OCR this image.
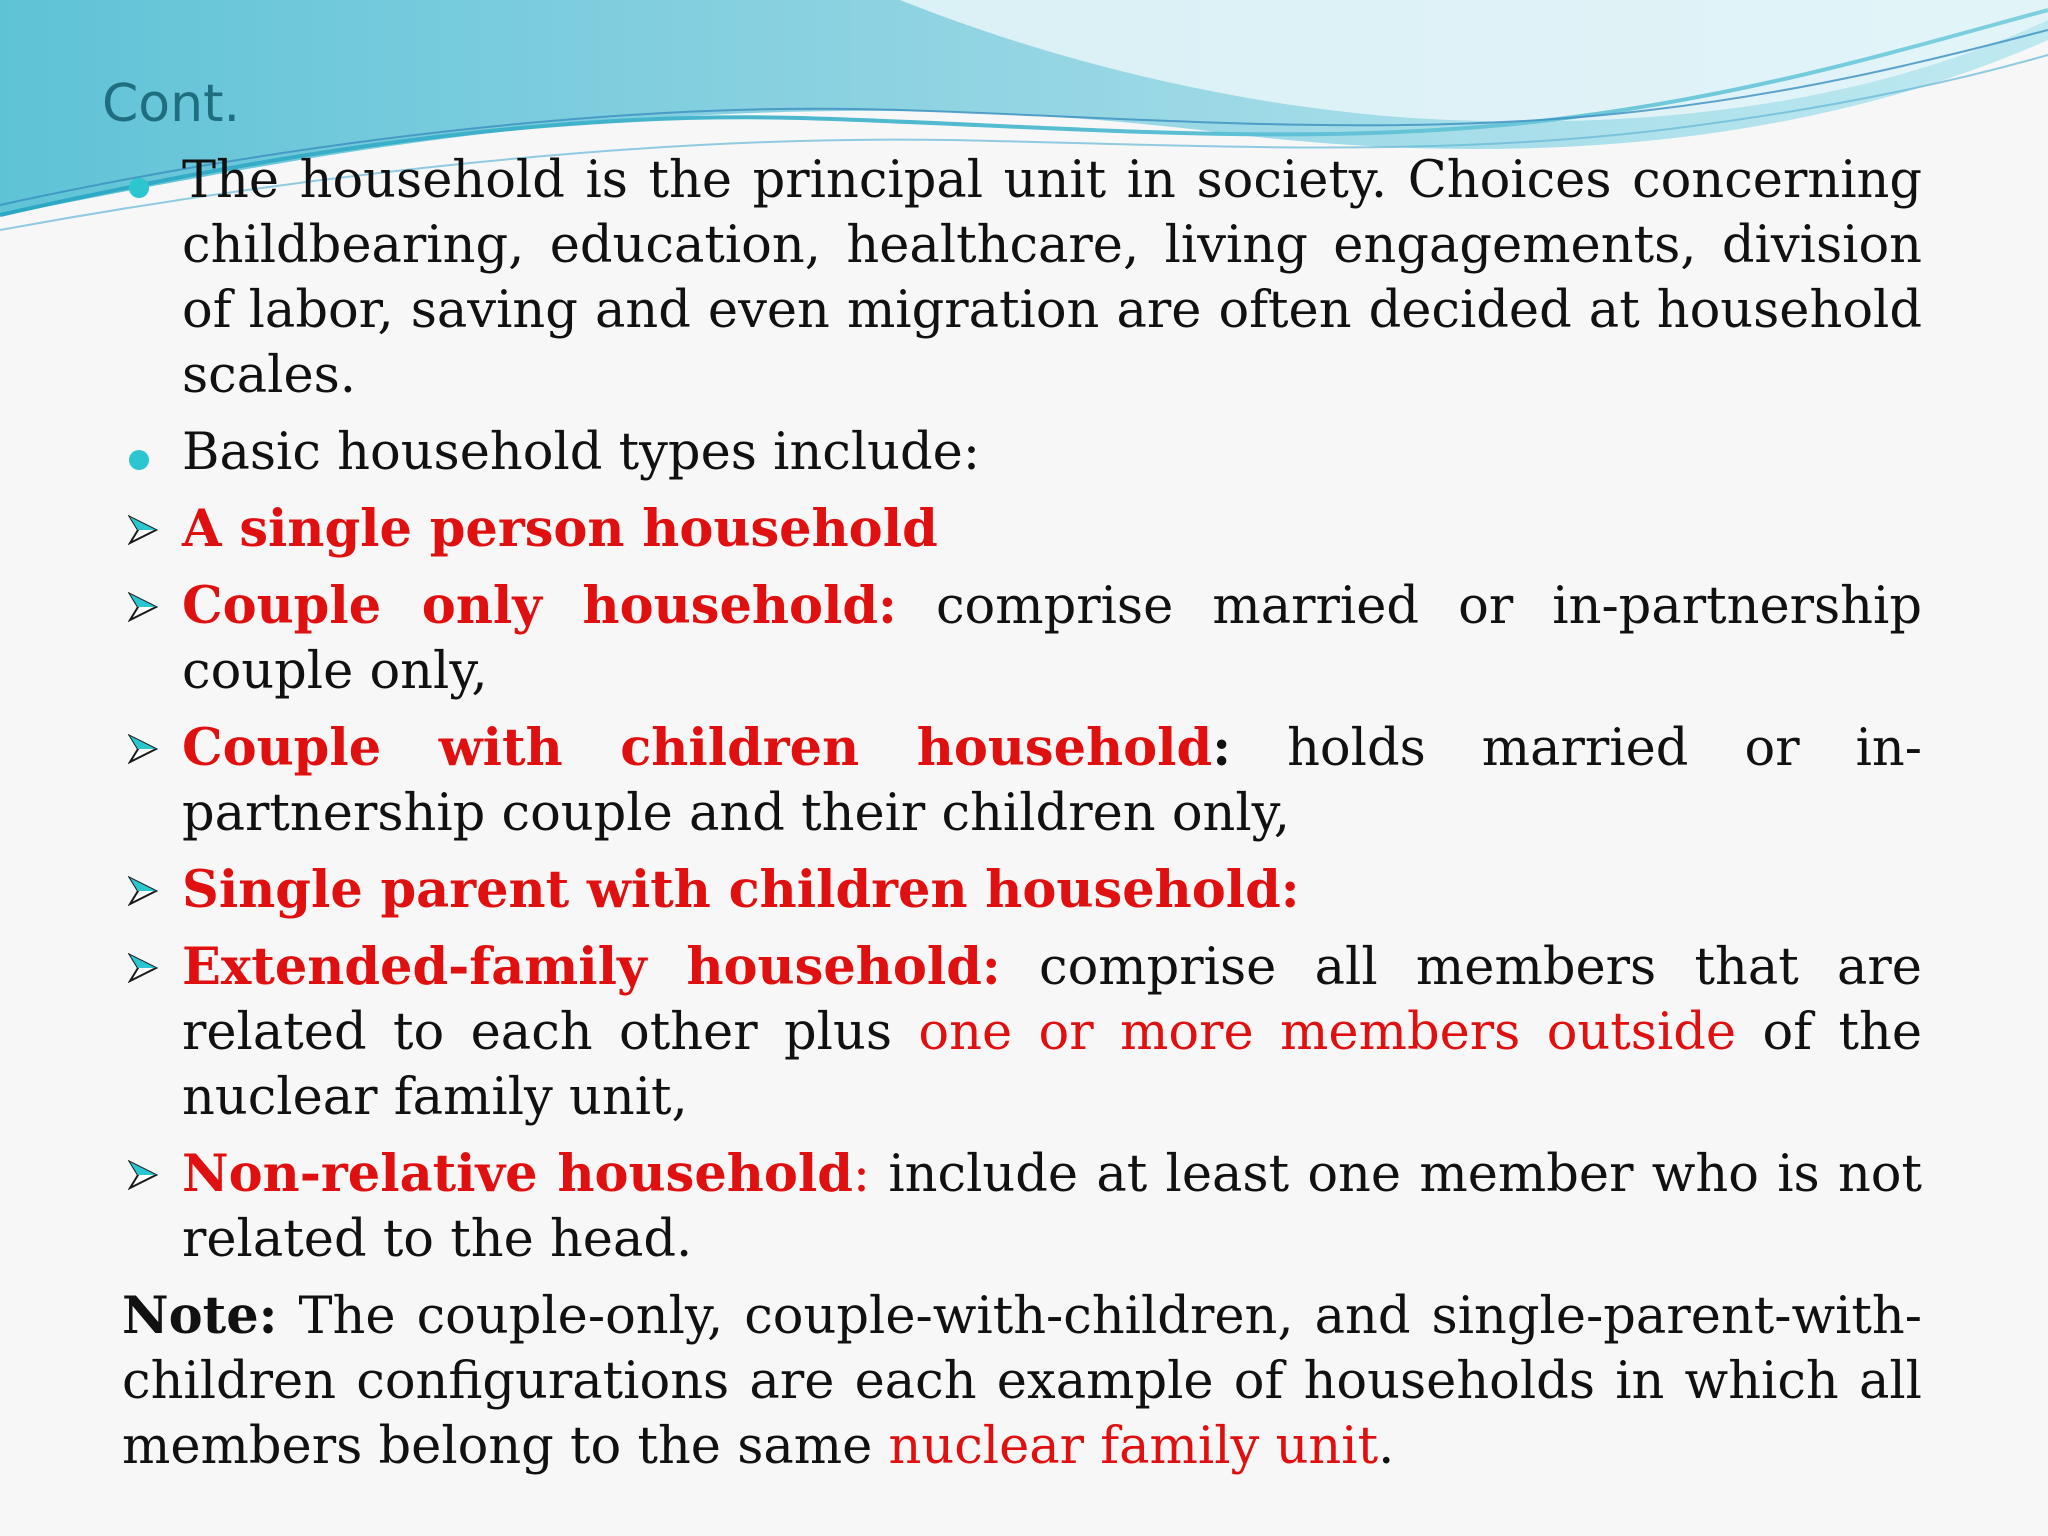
Cont.
The household is the principal unit in society. Choices concerning childbearing, education, healthcare, living engagements, division of labor, saving and even migration are often decided at household scales.
Basic household types include:
A single person household
Couple only household: comprise married or in-partnership couple only,
Couple with children household: holds married or in-partnership couple and their children only,
Single parent with children household:
Extended-family household: comprise all members that are related to each other plus one or more members outside of the nuclear family unit,
Non-relative household: include at least one member who is not related to the head.
Note: The couple-only, couple-with-children, and single-parent-with-children configurations are each example of households in which all members belong to the same nuclear family unit.
